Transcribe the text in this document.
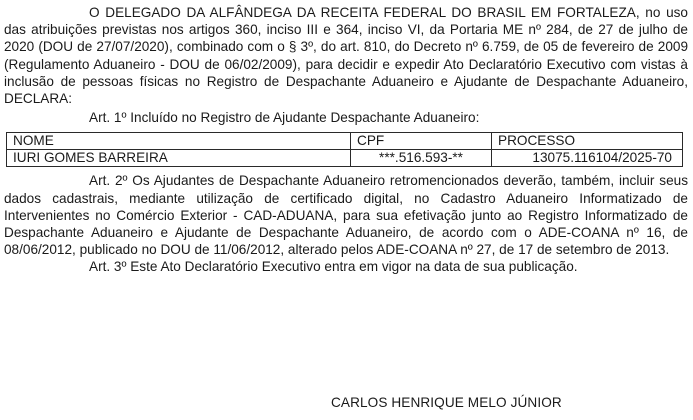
O DELEGADO DA ALFÂNDEGA DA RECEITA FEDERAL DO BRASIL EM FORTALEZA, no uso das atribuições previstas nos artigos 360, inciso III e 364, inciso VI, da Portaria ME nº 284, de 27 de julho de 2020 (DOU de 27/07/2020), combinado com o § 3º, do art. 810, do Decreto nº 6.759, de 05 de fevereiro de 2009 (Regulamento Aduaneiro - DOU de 06/02/2009), para decidir e expedir Ato Declaratório Executivo com vistas à inclusão de pessoas físicas no Registro de Despachante Aduaneiro e Ajudante de Despachante Aduaneiro, DECLARA:

Art. 1º Incluído no Registro de Ajudante Despachante Aduaneiro:

NOME	CPF	PROCESSO
IURI GOMES BARREIRA	***.516.593-**	13075.116104/2025-70

Art. 2º Os Ajudantes de Despachante Aduaneiro retromencionados deverão, também, incluir seus dados cadastrais, mediante utilização de certificado digital, no Cadastro Aduaneiro Informatizado de Intervenientes no Comércio Exterior - CAD-ADUANA, para sua efetivação junto ao Registro Informatizado de Despachante Aduaneiro e Ajudante de Despachante Aduaneiro, de acordo com o ADE-COANA nº 16, de 08/06/2012, publicado no DOU de 11/06/2012, alterado pelos ADE-COANA nº 27, de 17 de setembro de 2013.

Art. 3º Este Ato Declaratório Executivo entra em vigor na data de sua publicação.

CARLOS HENRIQUE MELO JÚNIOR
